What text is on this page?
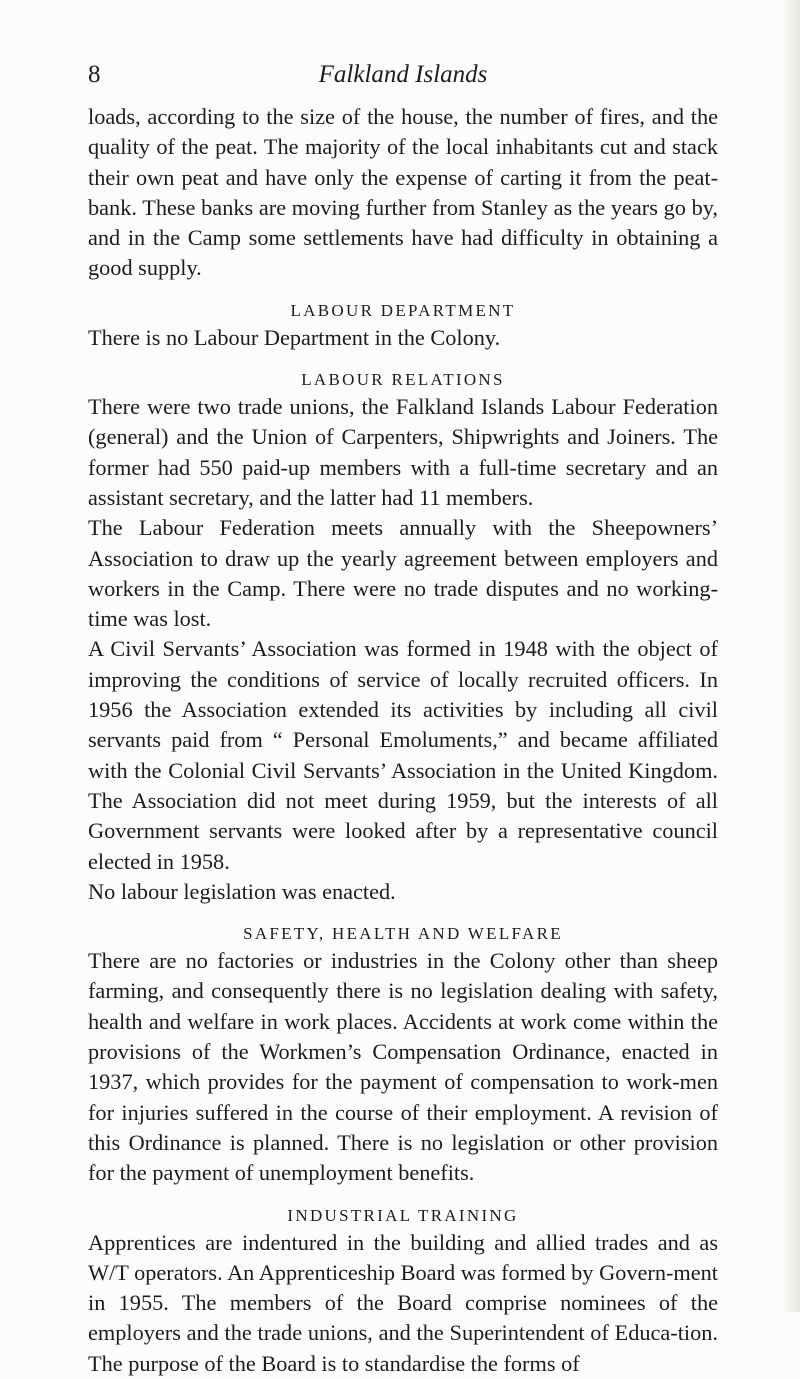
8	Falkland Islands

loads, according to the size of the house, the number of fires, and the quality of the peat. The majority of the local inhabitants cut and stack their own peat and have only the expense of carting it from the peat-bank. These banks are moving further from Stanley as the years go by, and in the Camp some settlements have had difficulty in obtaining a good supply.

LABOUR DEPARTMENT

There is no Labour Department in the Colony.

LABOUR RELATIONS

There were two trade unions, the Falkland Islands Labour Federation (general) and the Union of Carpenters, Shipwrights and Joiners. The former had 550 paid-up members with a full-time secretary and an assistant secretary, and the latter had 11 members.

The Labour Federation meets annually with the Sheepowners’ Association to draw up the yearly agreement between employers and workers in the Camp. There were no trade disputes and no working-time was lost.

A Civil Servants’ Association was formed in 1948 with the object of improving the conditions of service of locally recruited officers. In 1956 the Association extended its activities by including all civil servants paid from “ Personal Emoluments,” and became affiliated with the Colonial Civil Servants’ Association in the United Kingdom. The Association did not meet during 1959, but the interests of all Government servants were looked after by a representative council elected in 1958.

No labour legislation was enacted.

SAFETY, HEALTH AND WELFARE

There are no factories or industries in the Colony other than sheep farming, and consequently there is no legislation dealing with safety, health and welfare in work places. Accidents at work come within the provisions of the Workmen’s Compensation Ordinance, enacted in 1937, which provides for the payment of compensation to work-men for injuries suffered in the course of their employment. A revision of this Ordinance is planned. There is no legislation or other provision for the payment of unemployment benefits.

INDUSTRIAL TRAINING

Apprentices are indentured in the building and allied trades and as W/T operators. An Apprenticeship Board was formed by Govern-ment in 1955. The members of the Board comprise nominees of the employers and the trade unions, and the Superintendent of Educa-tion. The purpose of the Board is to standardise the forms of
